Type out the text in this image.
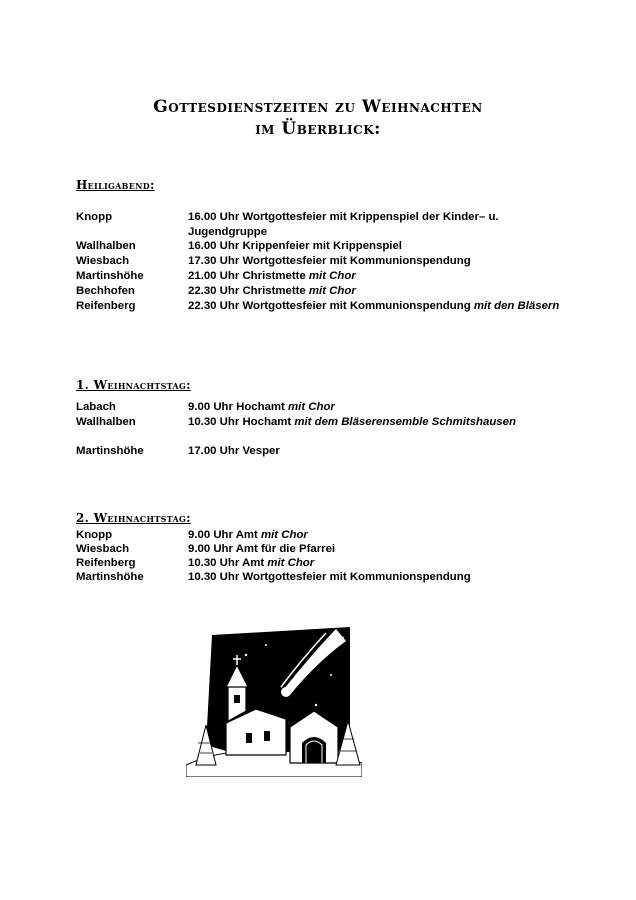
Gottesdienstzeiten zu Weihnachten
im Überblick:
Heiligabend:
Knopp	16.00 Uhr Wortgottesfeier mit Krippenspiel der Kinder– u. Jugendgruppe
Wallhalben	16.00 Uhr Krippenfeier mit Krippenspiel
Wiesbach	17.30 Uhr Wortgottesfeier mit Kommunionspendung
Martinshöhe	21.00 Uhr Christmette mit Chor
Bechhofen	22.30 Uhr Christmette mit Chor
Reifenberg	22.30 Uhr Wortgottesfeier mit Kommunionspendung mit den Bläsern
1. Weihnachtstag:
Labach	9.00 Uhr Hochamt mit Chor
Wallhalben	10.30 Uhr Hochamt mit dem Bläserensemble Schmitshausen
Martinshöhe	17.00 Uhr Vesper
2. Weihnachtstag:
Knopp	9.00 Uhr Amt mit Chor
Wiesbach	9.00 Uhr Amt für die Pfarrei
Reifenberg	10.30 Uhr Amt mit Chor
Martinshöhe	10.30 Uhr Wortgottesfeier mit Kommunionspendung
